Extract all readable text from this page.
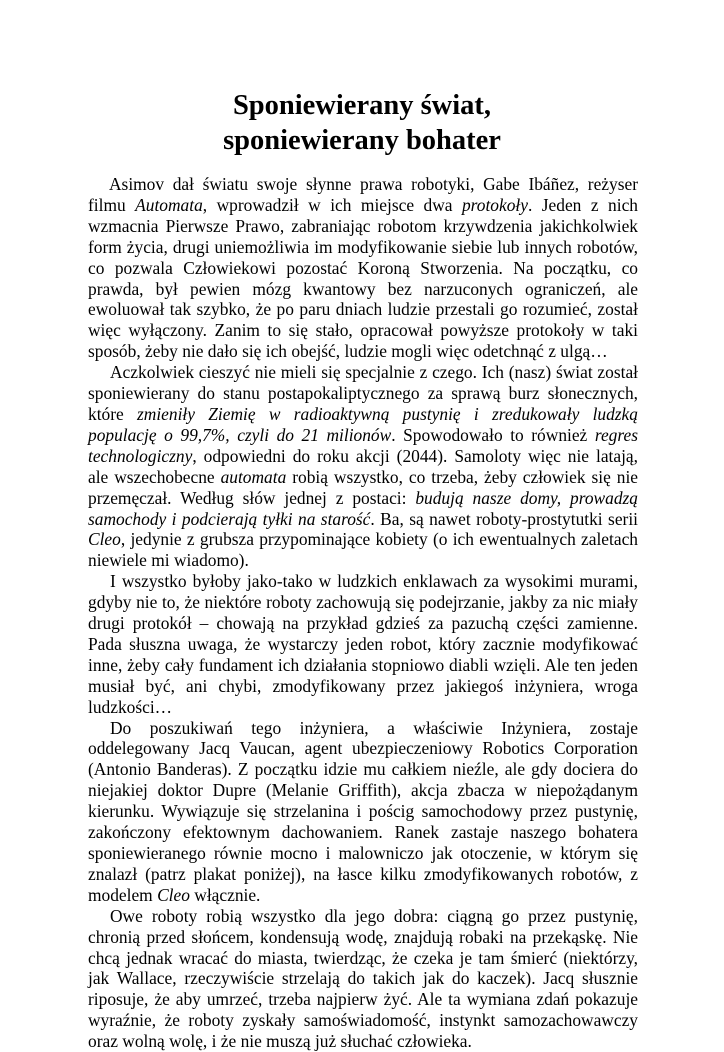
Sponiewierany świat,
sponiewierany bohater

Asimov dał światu swoje słynne prawa robotyki, Gabe Ibáñez, reżyser filmu Automata, wprowadził w ich miejsce dwa protokoły. Jeden z nich wzmacnia Pierwsze Prawo, zabraniając robotom krzywdzenia jakichkolwiek form życia, drugi uniemożliwia im modyfikowanie siebie lub innych robotów, co pozwala Człowiekowi pozostać Koroną Stworzenia. Na początku, co prawda, był pewien mózg kwantowy bez narzuconych ograniczeń, ale ewoluował tak szybko, że po paru dniach ludzie przestali go rozumieć, został więc wyłączony. Zanim to się stało, opracował powyższe protokoły w taki sposób, żeby nie dało się ich obejść, ludzie mogli więc odetchnąć z ulgą…

Aczkolwiek cieszyć nie mieli się specjalnie z czego. Ich (nasz) świat został sponiewierany do stanu postapokaliptycznego za sprawą burz słonecznych, które zmieniły Ziemię w radioaktywną pustynię i zredukowały ludzką populację o 99,7%, czyli do 21 milionów. Spowodowało to również regres technologiczny, odpowiedni do roku akcji (2044). Samoloty więc nie latają, ale wszechobecne automata robią wszystko, co trzeba, żeby człowiek się nie przemęczał. Według słów jednej z postaci: budują nasze domy, prowadzą samochody i podcierają tyłki na starość. Ba, są nawet roboty-prostytutki serii Cleo, jedynie z grubsza przypominające kobiety (o ich ewentualnych zaletach niewiele mi wiadomo).

I wszystko byłoby jako-tako w ludzkich enklawach za wysokimi murami, gdyby nie to, że niektóre roboty zachowują się podejrzanie, jakby za nic miały drugi protokół – chowają na przykład gdzieś za pazuchą części zamienne. Pada słuszna uwaga, że wystarczy jeden robot, który zacznie modyfikować inne, żeby cały fundament ich działania stopniowo diabli wzięli. Ale ten jeden musiał być, ani chybi, zmodyfikowany przez jakiegoś inżyniera, wroga ludzkości…

Do poszukiwań tego inżyniera, a właściwie Inżyniera, zostaje oddelegowany Jacq Vaucan, agent ubezpieczeniowy Robotics Corporation (Antonio Banderas). Z początku idzie mu całkiem nieźle, ale gdy dociera do niejakiej doktor Dupre (Melanie Griffith), akcja zbacza w niepożądanym kierunku. Wywiązuje się strzelanina i pościg samochodowy przez pustynię, zakończony efektownym dachowaniem. Ranek zastaje naszego bohatera sponiewieranego równie mocno i malowniczo jak otoczenie, w którym się znalazł (patrz plakat poniżej), na łasce kilku zmodyfikowanych robotów, z modelem Cleo włącznie.

Owe roboty robią wszystko dla jego dobra: ciągną go przez pustynię, chronią przed słońcem, kondensują wodę, znajdują robaki na przekąskę. Nie chcą jednak wracać do miasta, twierdząc, że czeka je tam śmierć (niektórzy, jak Wallace, rzeczywiście strzelają do takich jak do kaczek). Jacq słusznie riposuje, że aby umrzeć, trzeba najpierw żyć. Ale ta wymiana zdań pokazuje wyraźnie, że roboty zyskały samoświadomość, instynkt samozachowawczy oraz wolną wolę, i że nie muszą już słuchać człowieka.
